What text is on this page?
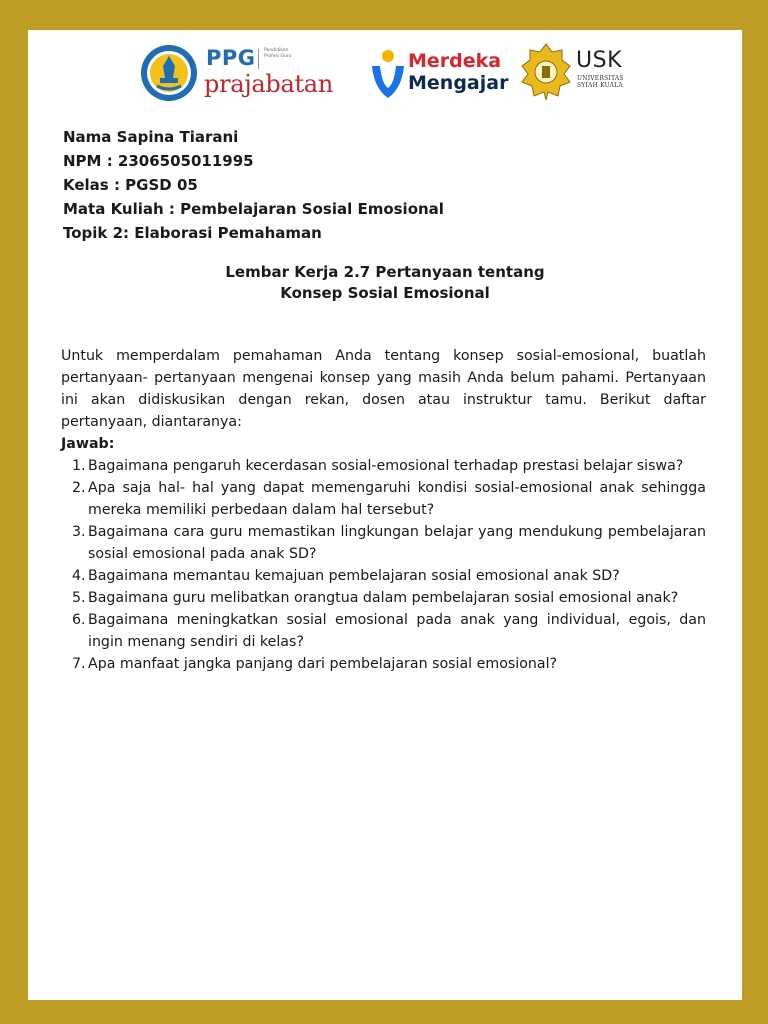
PPG Pendidikan Profesi Guru
prajabatan
Merdeka
Mengajar
USK
UNIVERSITAS
SYIAH KUALA
Nama Sapina Tiarani
NPM : 2306505011995
Kelas : PGSD 05
Mata Kuliah : Pembelajaran Sosial Emosional
Topik 2: Elaborasi Pemahaman
Lembar Kerja 2.7 Pertanyaan tentang
Konsep Sosial Emosional

Untuk memperdalam pemahaman Anda tentang konsep sosial-emosional, buatlah pertanyaan- pertanyaan mengenai konsep yang masih Anda belum pahami. Pertanyaan ini akan didiskusikan dengan rekan, dosen atau instruktur tamu. Berikut daftar pertanyaan, diantaranya:

Jawab:
1. Bagaimana pengaruh kecerdasan sosial-emosional terhadap prestasi belajar siswa?
2. Apa saja hal- hal yang dapat memengaruhi kondisi sosial-emosional anak sehingga mereka memiliki perbedaan dalam hal tersebut?
3. Bagaimana cara guru memastikan lingkungan belajar yang mendukung pembelajaran sosial emosional pada anak SD?
4. Bagaimana memantau kemajuan pembelajaran sosial emosional anak SD?
5. Bagaimana guru melibatkan orangtua dalam pembelajaran sosial emosional anak?
6. Bagaimana meningkatkan sosial emosional pada anak yang individual, egois, dan ingin menang sendiri di kelas?
7. Apa manfaat jangka panjang dari pembelajaran sosial emosional?
